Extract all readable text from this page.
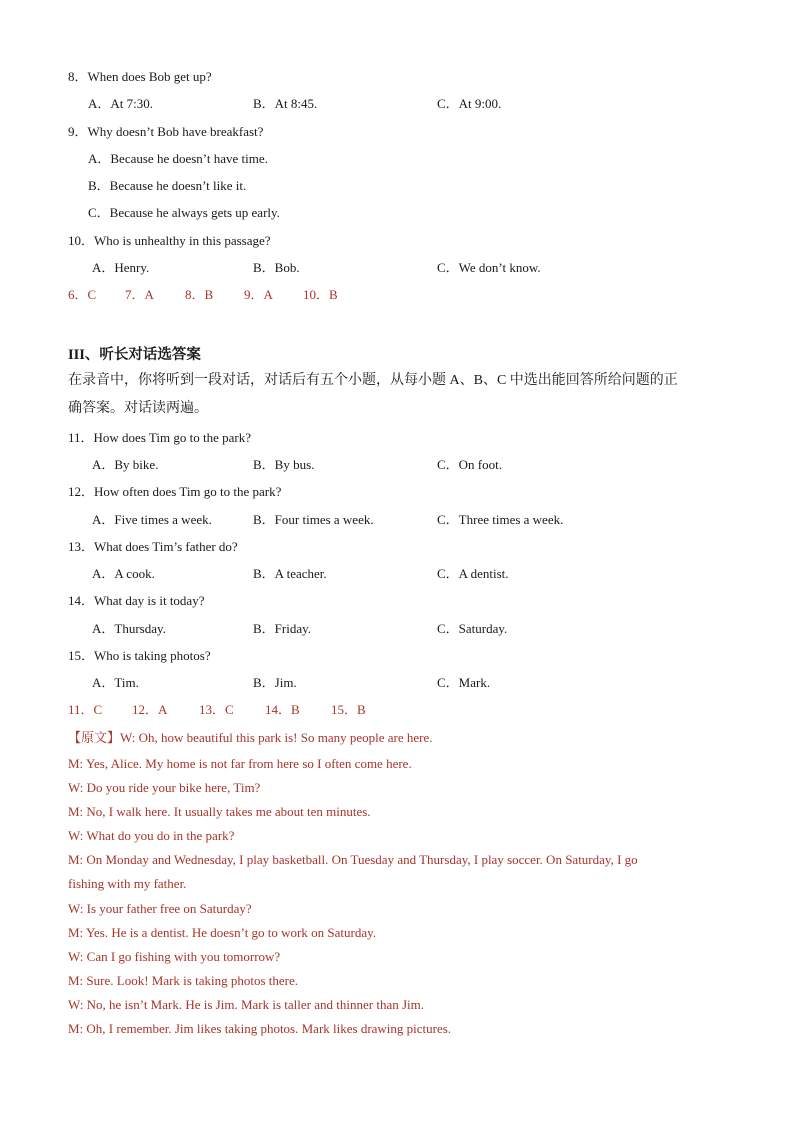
8．When does Bob get up?
A．At 7:30.	B．At 8:45.	C．At 9:00.
9．Why doesn’t Bob have breakfast?
A．Because he doesn’t have time.
B．Because he doesn’t like it.
C．Because he always gets up early.
10．Who is unhealthy in this passage?
A．Henry.	B．Bob.	C．We don’t know.
6．C 7．A 8．B 9．A 10．B
III、听长对话选答案
在录音中，你将听到一段对话，对话后有五个小题，从每小题 A、B、C 中选出能回答所给问题的正
确答案。对话读两遍。
11．How does Tim go to the park?
A．By bike.	B．By bus.	C．On foot.
12．How often does Tim go to the park?
A．Five times a week.	B．Four times a week.	C．Three times a week.
13．What does Tim’s father do?
A．A cook.	B．A teacher.	C．A dentist.
14．What day is it today?
A．Thursday.	B．Friday.	C．Saturday.
15．Who is taking photos?
A．Tim.	B．Jim.	C．Mark.
11．C 12．A 13．C 14．B 15．B
【原文】W: Oh, how beautiful this park is! So many people are here.
M: Yes, Alice. My home is not far from here so I often come here.
W: Do you ride your bike here, Tim?
M: No, I walk here. It usually takes me about ten minutes.
W: What do you do in the park?
M: On Monday and Wednesday, I play basketball. On Tuesday and Thursday, I play soccer. On Saturday, I go
fishing with my father.
W: Is your father free on Saturday?
M: Yes. He is a dentist. He doesn’t go to work on Saturday.
W: Can I go fishing with you tomorrow?
M: Sure. Look! Mark is taking photos there.
W: No, he isn’t Mark. He is Jim. Mark is taller and thinner than Jim.
M: Oh, I remember. Jim likes taking photos. Mark likes drawing pictures.
